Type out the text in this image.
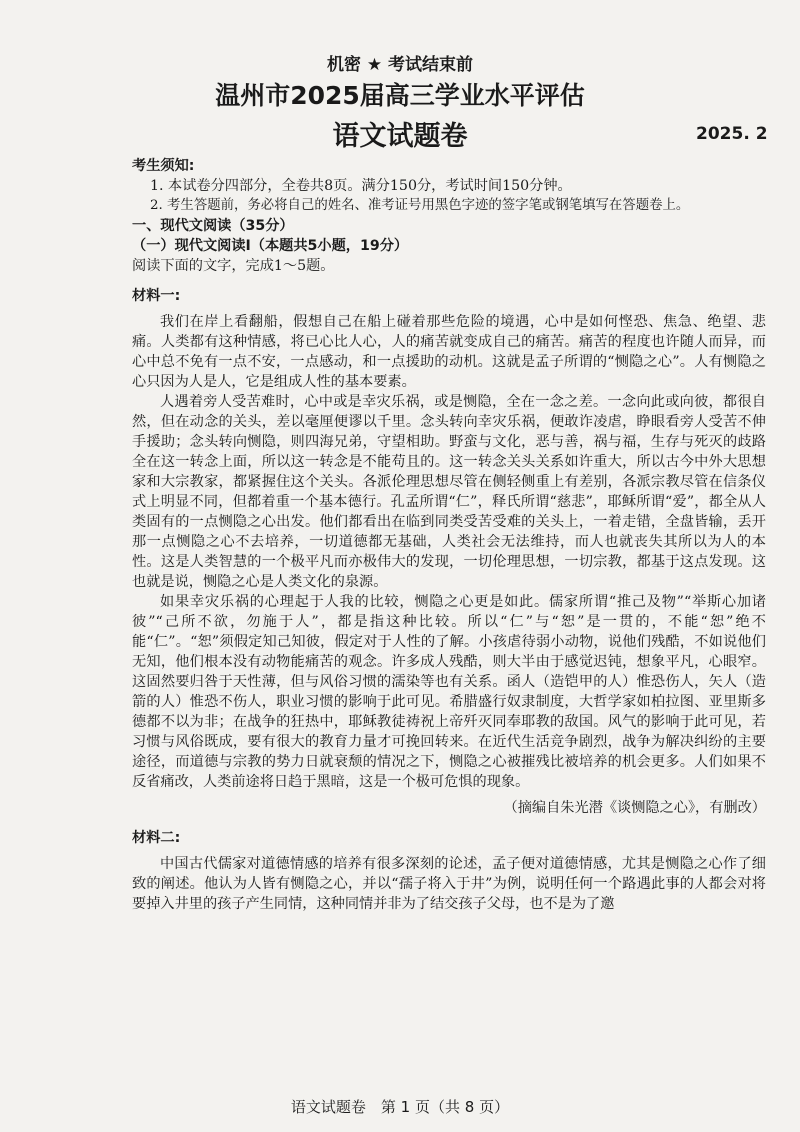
机密 ★ 考试结束前
温州市2025届高三学业水平评估
语文试题卷	2025. 2
考生须知:
1. 本试卷分四部分，全卷共8页。满分150分，考试时间150分钟。
2. 考生答题前，务必将自己的姓名、准考证号用黑色字迹的签字笔或钢笔填写在答题卷上。
一、现代文阅读（35分）
（一）现代文阅读Ⅰ（本题共5小题，19分）
阅读下面的文字，完成1～5题。
材料一:

我们在岸上看翻船，假想自己在船上碰着那些危险的境遇，心中是如何悭恐、焦急、绝望、悲痛。人类都有这种情感，将已心比人心，人的痛苦就变成自己的痛苦。痛苦的程度也许随人而异，而心中总不免有一点不安，一点感动，和一点援助的动机。这就是孟子所谓的“恻隐之心”。人有恻隐之心只因为人是人，它是组成人性的基本要素。

人遇着旁人受苦难时，心中或是幸灾乐祸，或是恻隐，全在一念之差。一念向此或向彼，都很自然，但在动念的关头，差以毫厘便谬以千里。念头转向幸灾乐祸，便敢诈凌虐，睁眼看旁人受苦不伸手援助；念头转向恻隐，则四海兄弟，守望相助。野蛮与文化，恶与善，祸与福，生存与死灭的歧路全在这一转念上面，所以这一转念是不能苟且的。这一转念关头关系如许重大，所以古今中外大思想家和大宗教家，都紧握住这个关头。各派伦理思想尽管在侧轻侧重上有差别，各派宗教尽管在信条仪式上明显不同，但都着重一个基本德行。孔孟所谓“仁”，释氏所谓“慈悲”，耶稣所谓“爱”，都全从人类固有的一点恻隐之心出发。他们都看出在临到同类受苦受难的关头上，一着走错，全盘皆输，丢开那一点恻隐之心不去培养，一切道德都无基础，人类社会无法维持，而人也就丧失其所以为人的本性。这是人类智慧的一个极平凡而亦极伟大的发现，一切伦理思想，一切宗教，都基于这点发现。这也就是说，恻隐之心是人类文化的泉源。

如果幸灾乐祸的心理起于人我的比较，恻隐之心更是如此。儒家所谓“推己及物”“举斯心加诸彼”“己所不欲，勿施于人”，都是指这种比较。所以“仁”与“恕”是一贯的，不能“恕”绝不能“仁”。“恕”须假定知己知彼，假定对于人性的了解。小孩虐待弱小动物，说他们残酷，不如说他们无知，他们根本没有动物能痛苦的观念。许多成人残酷，则大半由于感觉迟钝，想象平凡，心眼窄。这固然要归咎于天性薄，但与风俗习惯的濡染等也有关系。函人（造铠甲的人）惟恐伤人，矢人（造箭的人）惟恐不伤人，职业习惯的影响于此可见。希腊盛行奴隶制度，大哲学家如柏拉图、亚里斯多德都不以为非；在战争的狂热中，耶稣教徒祷祝上帝歼灭同奉耶教的敌国。风气的影响于此可见，若习惯与风俗既成，要有很大的教育力量才可挽回转来。在近代生活竞争剧烈，战争为解决纠纷的主要途径，而道德与宗教的势力日就衰颓的情况之下，恻隐之心被摧残比被培养的机会更多。人们如果不反省痛改，人类前途将日趋于黑暗，这是一个极可危惧的现象。

（摘编自朱光潜《谈恻隐之心》，有删改）
材料二:

中国古代儒家对道德情感的培养有很多深刻的论述，孟子便对道德情感，尤其是恻隐之心作了细致的阐述。他认为人皆有恻隐之心，并以“孺子将入于井”为例，说明任何一个路遇此事的人都会对将要掉入井里的孩子产生同情，这种同情并非为了结交孩子父母，也不是为了邀

语文试题卷　第 1 页（共 8 页）
